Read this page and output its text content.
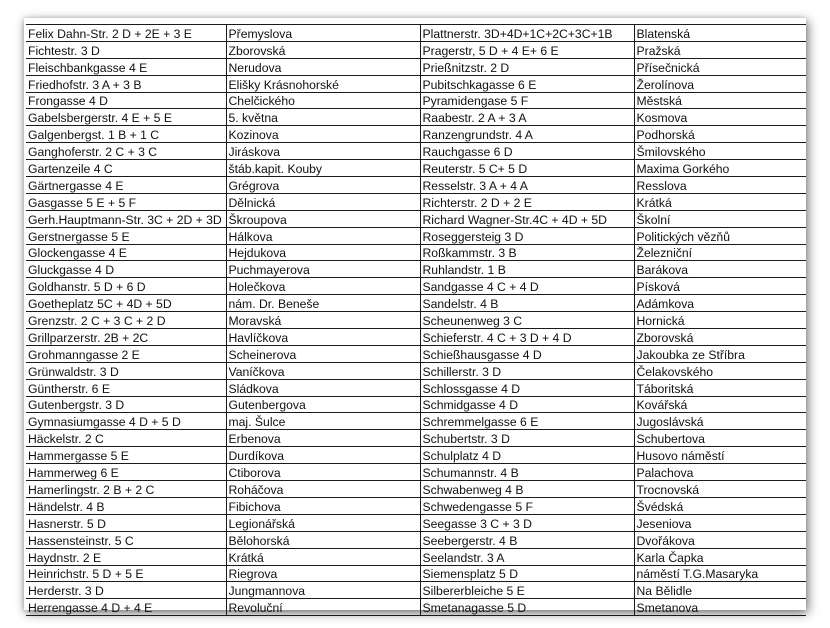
Felix Dahn-Str. 2 D + 2E + 3 E	Přemyslova	Plattnerstr. 3D+4D+1C+2C+3C+1B	Blatenská
Fichtestr. 3 D	Zborovská	Pragerstr, 5 D + 4 E+ 6 E	Pražská
Fleischbankgasse 4 E	Nerudova	Prießnitzstr. 2 D	Přísečnická
Friedhofstr. 3 A + 3 B	Elišky Krásnohorské	Pubitschkagasse 6 E	Žerolínova
Frongasse 4 D	Chelčického	Pyramidengase 5 F	Městská
Gabelsbergerstr. 4 E + 5 E	5. května	Raabestr. 2 A + 3 A	Kosmova
Galgenbergst. 1 B + 1 C	Kozinova	Ranzengrundstr. 4 A	Podhorská
Ganghoferstr. 2 C + 3 C	Jiráskova	Rauchgasse 6 D	Šmilovského
Gartenzeile 4 C	štáb.kapit. Kouby	Reuterstr. 5 C+ 5 D	Maxima Gorkého
Gärtnergasse 4 E	Grégrova	Resselstr. 3 A + 4 A	Resslova
Gasgasse 5 E + 5 F	Dělnická	Richterstr. 2 D + 2 E	Krátká
Gerh.Hauptmann-Str. 3C + 2D + 3D	Škroupova	Richard Wagner-Str.4C + 4D + 5D	Školní
Gerstnergasse 5 E	Hálkova	Roseggersteig 3 D	Politických vězňů
Glockengasse 4 E	Hejdukova	Roßkammstr. 3 B	Železniční
Gluckgasse 4 D	Puchmayerova	Ruhlandstr. 1 B	Barákova
Goldhanstr. 5 D + 6 D	Holečkova	Sandgasse 4 C + 4 D	Písková
Goetheplatz 5C + 4D + 5D	nám. Dr. Beneše	Sandelstr. 4 B	Adámkova
Grenzstr. 2 C + 3 C + 2 D	Moravská	Scheunenweg 3 C	Hornická
Grillparzerstr. 2B + 2C	Havlíčkova	Schieferstr. 4 C + 3 D + 4 D	Zborovská
Grohmanngasse 2 E	Scheinerova	Schießhausgasse 4 D	Jakoubka ze Stříbra
Grünwaldstr. 3 D	Vaníčkova	Schillerstr. 3 D	Čelakovského
Güntherstr. 6 E	Sládkova	Schlossgasse 4 D	Táboritská
Gutenbergstr. 3 D	Gutenbergova	Schmidgasse 4 D	Kovářská
Gymnasiumgasse 4 D + 5 D	maj. Šulce	Schremmelgasse 6 E	Jugoslávská
Häckelstr. 2 C	Erbenova	Schubertstr. 3 D	Schubertova
Hammergasse 5 E	Durdíkova	Schulplatz 4 D	Husovo náměstí
Hammerweg 6 E	Ctiborova	Schumannstr. 4 B	Palachova
Hamerlingstr. 2 B + 2 C	Roháčova	Schwabenweg 4 B	Trocnovská
Händelstr. 4 B	Fibichova	Schwedengasse 5 F	Švédská
Hasnerstr. 5 D	Legionářská	Seegasse 3 C + 3 D	Jeseniova
Hassensteinstr. 5 C	Bělohorská	Seebergerstr. 4 B	Dvořákova
Haydnstr. 2 E	Krátká	Seelandstr. 3 A	Karla Čapka
Heinrichstr. 5 D + 5 E	Riegrova	Siemensplatz 5 D	náměstí T.G.Masaryka
Herderstr. 3 D	Jungmannova	Silbererbleiche 5 E	Na Bělidle
Herrengasse 4 D + 4 E	Revoluční	Smetanagasse 5 D	Smetanova
